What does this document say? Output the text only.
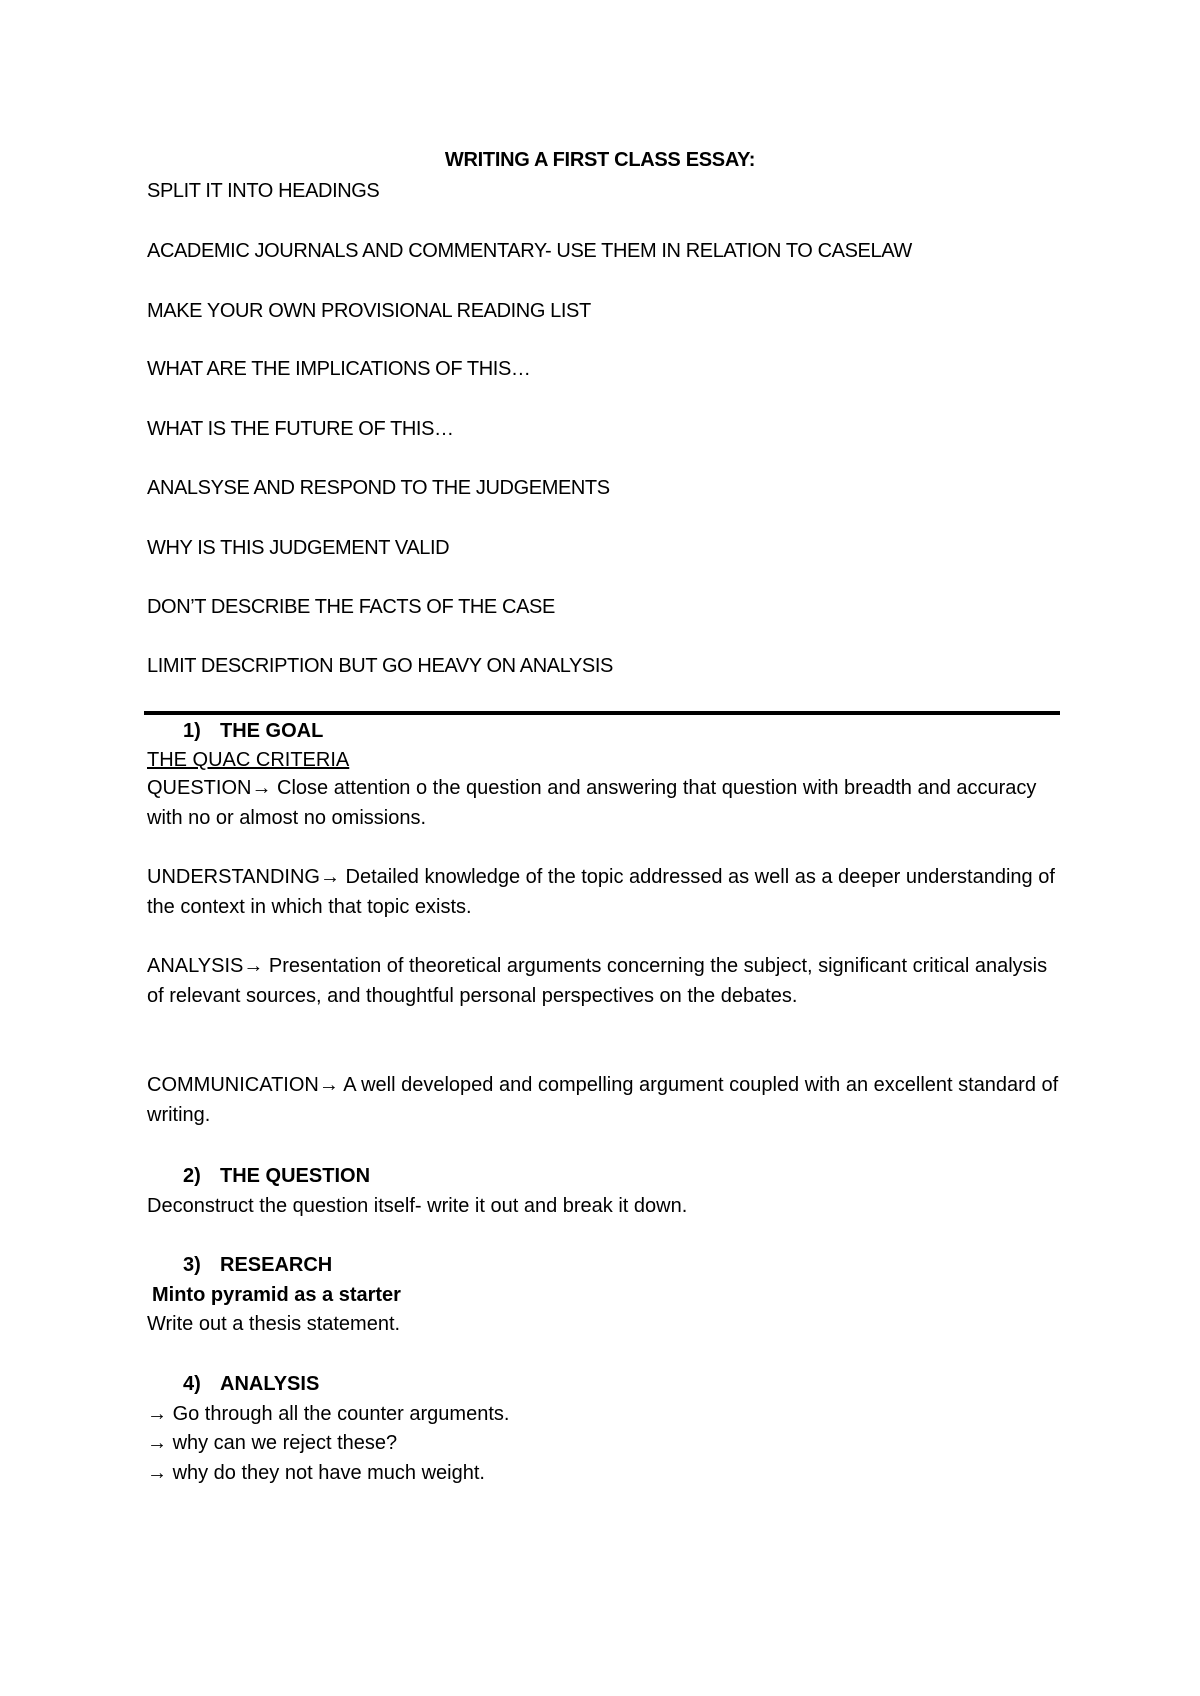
WRITING A FIRST CLASS ESSAY:
SPLIT IT INTO HEADINGS
ACADEMIC JOURNALS AND COMMENTARY- USE THEM IN RELATION TO CASELAW
MAKE YOUR OWN PROVISIONAL READING LIST
WHAT ARE THE IMPLICATIONS OF THIS…
WHAT IS THE FUTURE OF THIS…
ANALSYSE AND RESPOND TO THE JUDGEMENTS
WHY IS THIS JUDGEMENT VALID
DON’T DESCRIBE THE FACTS OF THE CASE
LIMIT DESCRIPTION BUT GO HEAVY ON ANALYSIS
1) THE GOAL
THE QUAC CRITERIA
QUESTION→ Close attention o the question and answering that question with breadth and accuracy with no or almost no omissions.
UNDERSTANDING→ Detailed knowledge of the topic addressed as well as a deeper understanding of the context in which that topic exists.
ANALYSIS→ Presentation of theoretical arguments concerning the subject, significant critical analysis of relevant sources, and thoughtful personal perspectives on the debates.
COMMUNICATION→ A well developed and compelling argument coupled with an excellent standard of writing.
2) THE QUESTION
Deconstruct the question itself- write it out and break it down.
3) RESEARCH
Minto pyramid as a starter
Write out a thesis statement.
4) ANALYSIS
→ Go through all the counter arguments.
→ why can we reject these?
→ why do they not have much weight.
